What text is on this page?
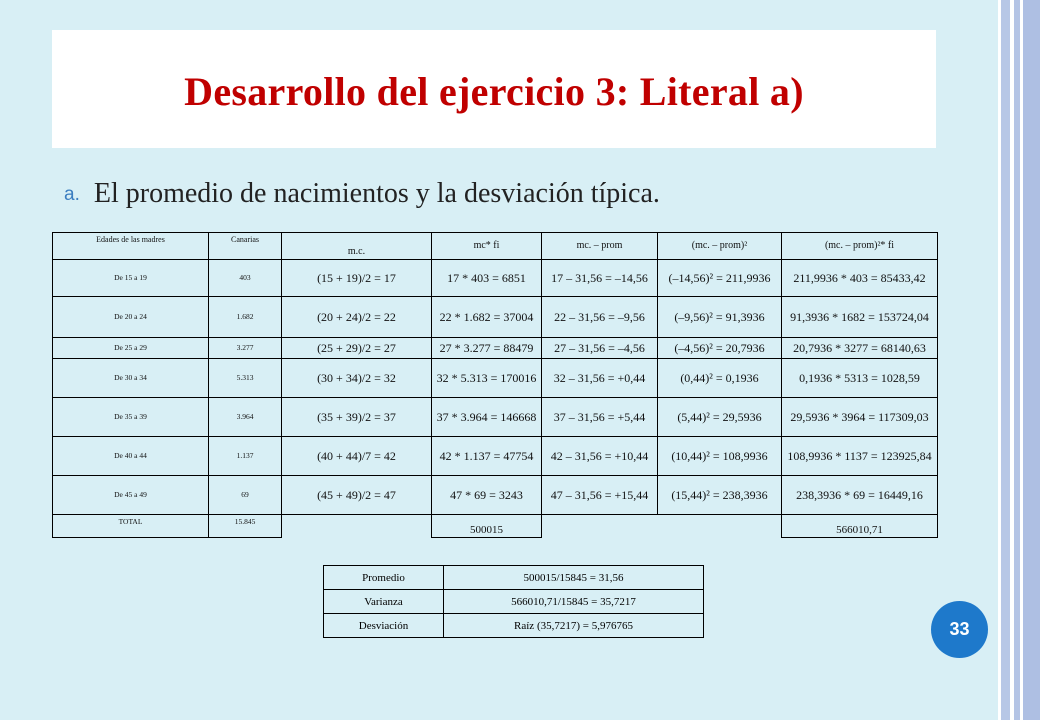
Desarrollo del ejercicio 3: Literal a)
a. El promedio de nacimientos y la desviación típica.
Edades de las madres	Canarias	m.c.	mc* fi	mc. – prom	(mc. – prom)²	(mc. – prom)²* fi
De 15 a 19	403	(15 + 19)/2 = 17	17 * 403 = 6851	17 – 31,56 = –14,56	(–14,56)² = 211,9936	211,9936 * 403 = 85433,42
De 20 a 24	1.682	(20 + 24)/2 = 22	22 * 1.682 = 37004	22 – 31,56 = –9,56	(–9,56)² = 91,3936	91,3936 * 1682 = 153724,04
De 25 a 29	3.277	(25 + 29)/2 = 27	27 * 3.277 = 88479	27 – 31,56 = –4,56	(–4,56)² = 20,7936	20,7936 * 3277 = 68140,63
De 30 a 34	5.313	(30 + 34)/2 = 32	32 * 5.313 = 170016	32 – 31,56 = +0,44	(0,44)² = 0,1936	0,1936 * 5313 = 1028,59
De 35 a 39	3.964	(35 + 39)/2 = 37	37 * 3.964 = 146668	37 – 31,56 = +5,44	(5,44)² = 29,5936	29,5936 * 3964 = 117309,03
De 40 a 44	1.137	(40 + 44)/7 = 42	42 * 1.137 = 47754	42 – 31,56 = +10,44	(10,44)² = 108,9936	108,9936 * 1137 = 123925,84
De 45 a 49	69	(45 + 49)/2 = 47	47 * 69 = 3243	47 – 31,56 = +15,44	(15,44)² = 238,3936	238,3936 * 69 = 16449,16
TOTAL	15.845		500015			566010,71
Promedio	500015/15845 = 31,56
Varianza	566010,71/15845 = 35,7217
Desviación	Raíz (35,7217) = 5,976765	33
